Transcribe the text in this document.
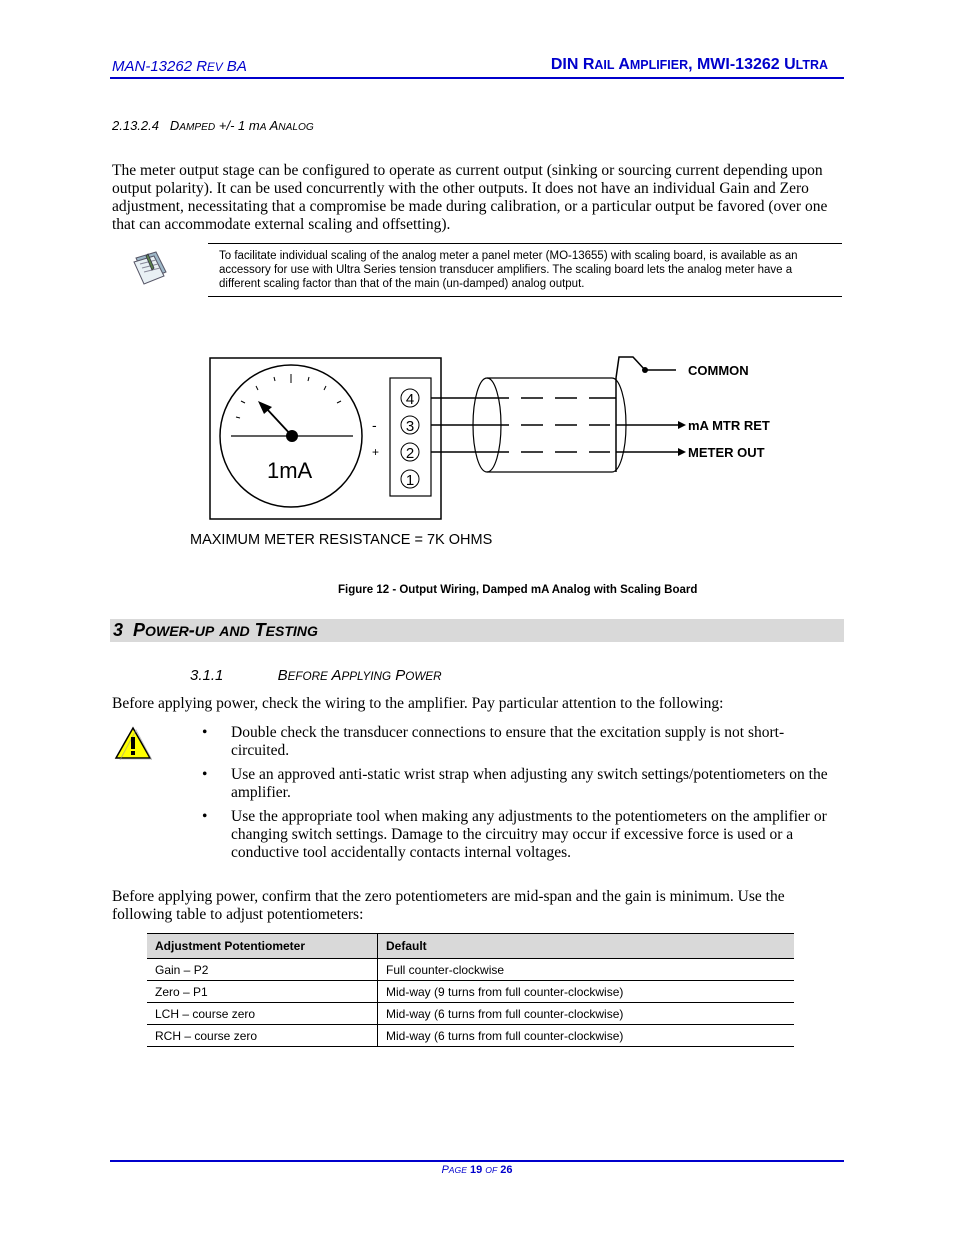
MAN-13262 REV BA	DIN RAIL AMPLIFIER, MWI-13262 ULTRA
2.13.2.4 DAMPED +/- 1 mA ANALOG
The meter output stage can be configured to operate as current output (sinking or sourcing current depending upon output polarity). It can be used concurrently with the other outputs. It does not have an individual Gain and Zero adjustment, necessitating that a compromise be made during calibration, or a particular output be favored (over one that can accommodate external scaling and offsetting).
To facilitate individual scaling of the analog meter a panel meter (MO-13655) with scaling board, is available as an accessory for use with Ultra Series tension transducer amplifiers. The scaling board lets the analog meter have a different scaling factor than that of the main (un-damped) analog output.
1mA
4
3
2
1
-
+
COMMON
mA MTR RET
METER OUT
MAXIMUM METER RESISTANCE = 7K OHMS
Figure 12 - Output Wiring, Damped mA Analog with Scaling Board
3 POWER-UP AND TESTING
3.1.1	BEFORE APPLYING POWER
Before applying power, check the wiring to the amplifier. Pay particular attention to the following:
• Double check the transducer connections to ensure that the excitation supply is not short-circuited.
• Use an approved anti-static wrist strap when adjusting any switch settings/potentiometers on the amplifier.
• Use the appropriate tool when making any adjustments to the potentiometers on the amplifier or changing switch settings. Damage to the circuitry may occur if excessive force is used or a conductive tool accidentally contacts internal voltages.
Before applying power, confirm that the zero potentiometers are mid-span and the gain is minimum. Use the following table to adjust potentiometers:
Adjustment Potentiometer	Default
Gain – P2	Full counter-clockwise
Zero – P1	Mid-way (9 turns from full counter-clockwise)
LCH – course zero	Mid-way (6 turns from full counter-clockwise)
RCH – course zero	Mid-way (6 turns from full counter-clockwise)
PAGE 19 OF 26
